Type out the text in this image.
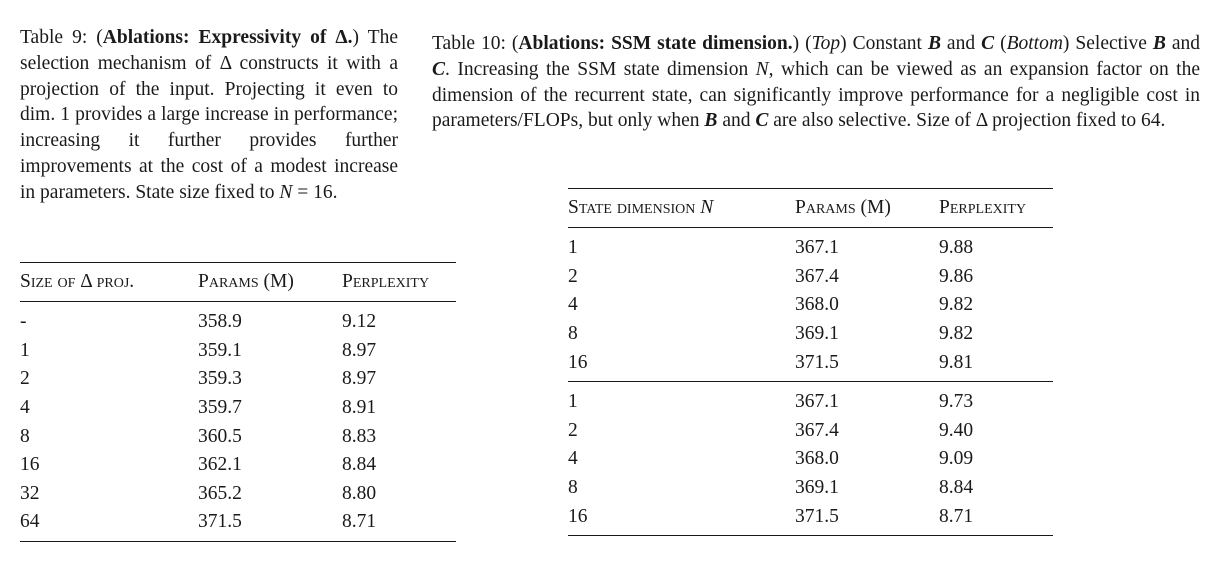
Table 9: (Ablations: Expressivity of Δ.) The selection mechanism of Δ constructs it with a projection of the input. Projecting it even to dim. 1 provides a large increase in performance; increasing it further provides further improvements at the cost of a modest increase in parameters. State size fixed to N = 16.

Table 10: (Ablations: SSM state dimension.) (Top) Constant B and C (Bottom) Selective B and C. Increasing the SSM state dimension N, which can be viewed as an expansion factor on the dimension of the recurrent state, can significantly improve performance for a negligible cost in parameters/FLOPs, but only when B and C are also selective. Size of Δ projection fixed to 64.

Size of Δ proj.	Params (M)	Perplexity
-	358.9	9.12
1	359.1	8.97
2	359.3	8.97
4	359.7	8.91
8	360.5	8.83
16	362.1	8.84
32	365.2	8.80
64	371.5	8.71
State dimension N	Params (M)	Perplexity
1	367.1	9.88
2	367.4	9.86
4	368.0	9.82
8	369.1	9.82
16	371.5	9.81
1	367.1	9.73
2	367.4	9.40
4	368.0	9.09
8	369.1	8.84
16	371.5	8.71
